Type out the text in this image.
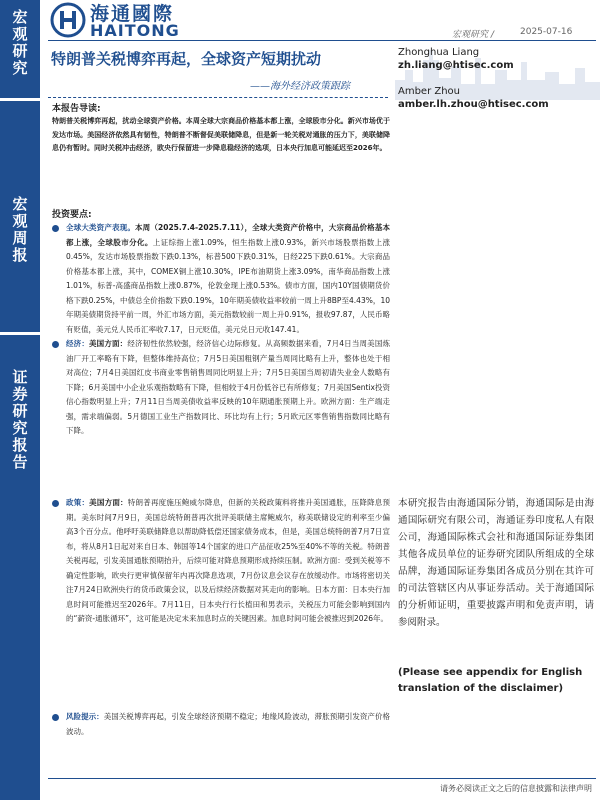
宏观研究
宏观周报
证券研究报告
海通國際
HAITONG	宏观研究 /	2025-07-16
特朗普关税博弈再起，全球资产短期扰动
——海外经济政策跟踪
Zhonghua Liang
zh.liang@htisec.com
Amber Zhou
amber.lh.zhou@htisec.com
本报告导读:
特朗普关税博弈再起，扰动全球资产价格。本周全球大宗商品价格基本都上涨，全球股市分化。新兴市场优于发达市场。美国经济依然具有韧性，特朗普不断督促美联储降息，但是新一轮关税对通胀的压力下，美联储降息仍有暂时。同时关税冲击经济，欧央行保留进一步降息稳经济的选项，日本央行加息可能延迟至2026年。
投资要点:

全球大类资产表现。本周（2025.7.4-2025.7.11），全球大类资产价格中，大宗商品价格基本都上涨，全球股市分化。上证综指上涨1.09%，恒生指数上涨0.93%，新兴市场股票指数上涨0.45%，发达市场股票指数下跌0.13%，标普500下跌0.31%，日经225下跌0.61%。大宗商品价格基本都上涨，其中，COMEX铜上涨10.30%，IPE布油期货上涨3.09%，南华商品指数上涨1.01%，标普-高盛商品指数上涨0.87%，伦敦金现上涨0.53%。债市方面，国内10Y国债期货价格下跌0.25%，中债总全价指数下跌0.19%，10年期美债收益率较前一周上升8BP至4.43%，10年期美债期货持平前一周，外汇市场方面，美元指数较前一周上升0.91%，报收97.87，人民币略有贬值，美元兑人民币汇率收7.17，日元贬值，美元兑日元收147.41。

经济：美国方面：经济韧性依然较强，经济信心边际修复。从高频数据来看，7月4日当周美国炼油厂开工率略有下降，但整体维持高位；7月5日美国粗钢产量当周同比略有上升，整体也处于相对高位；7月4日美国红皮书商业零售销售周同比明显上升；7月5日美国当周初请失业金人数略有下降；6月美国中小企业乐观指数略有下降，但相较于4月份低谷已有所修复；7月美国Sentix投资信心指数明显上升；7月11日当周美债收益率反映的10年期通胀预期上升。欧洲方面：生产端走强，需求端偏弱。5月德国工业生产指数同比、环比均有上行；5月欧元区零售销售指数同比略有下降。

政策：美国方面：特朗普再度施压鲍威尔降息，但新的关税政策料将推升美国通胀，压降降息预期。美东时间7月9日，美国总统特朗普再次批评美联储主席鲍威尔，称美联储设定的利率至少偏高3个百分点。他呼吁美联储降息以帮助降低偿还国家债务成本，但是，美国总统特朗普7月7日宣布，将从8月1日起对来自日本、韩国等14个国家的进口产品征收25%至40%不等的关税。特朗普关税再起，引发美国通胀预期抬升，后续可能对降息预期形成持续压制。欧洲方面：受到关税等不确定性影响，欧央行更审慎保留年内再次降息选项，7月份议息会议存在放缓动作。市场将密切关注7月24日欧洲央行的货币政策会议，以及后续经济数据对其走向的影响。日本方面：日本央行加息时间可能推迟至2026年。7月11日，日本央行行长植田和男表示，关税压力可能会影响到国内的“薪资-通胀循环”，这可能是决定未来加息时点的关键因素。加息时间可能会被推迟到2026年。

风险提示：美国关税博弈再起，引发全球经济预期不稳定；地缘风险波动，滞胀预期引发资产价格波动。

本研究报告由海通国际分销，海通国际是由海通国际研究有限公司，海通证券印度私人有限公司，海通国际株式会社和海通国际证券集团其他各成员单位的证券研究团队所组成的全球品牌，海通国际证券集团各成员分别在其许可的司法管辖区内从事证券活动。关于海通国际的分析师证明，重要披露声明和免责声明，请参阅附录。
(Please see appendix for English translation of the disclaimer)
请务必阅读正文之后的信息披露和法律声明
